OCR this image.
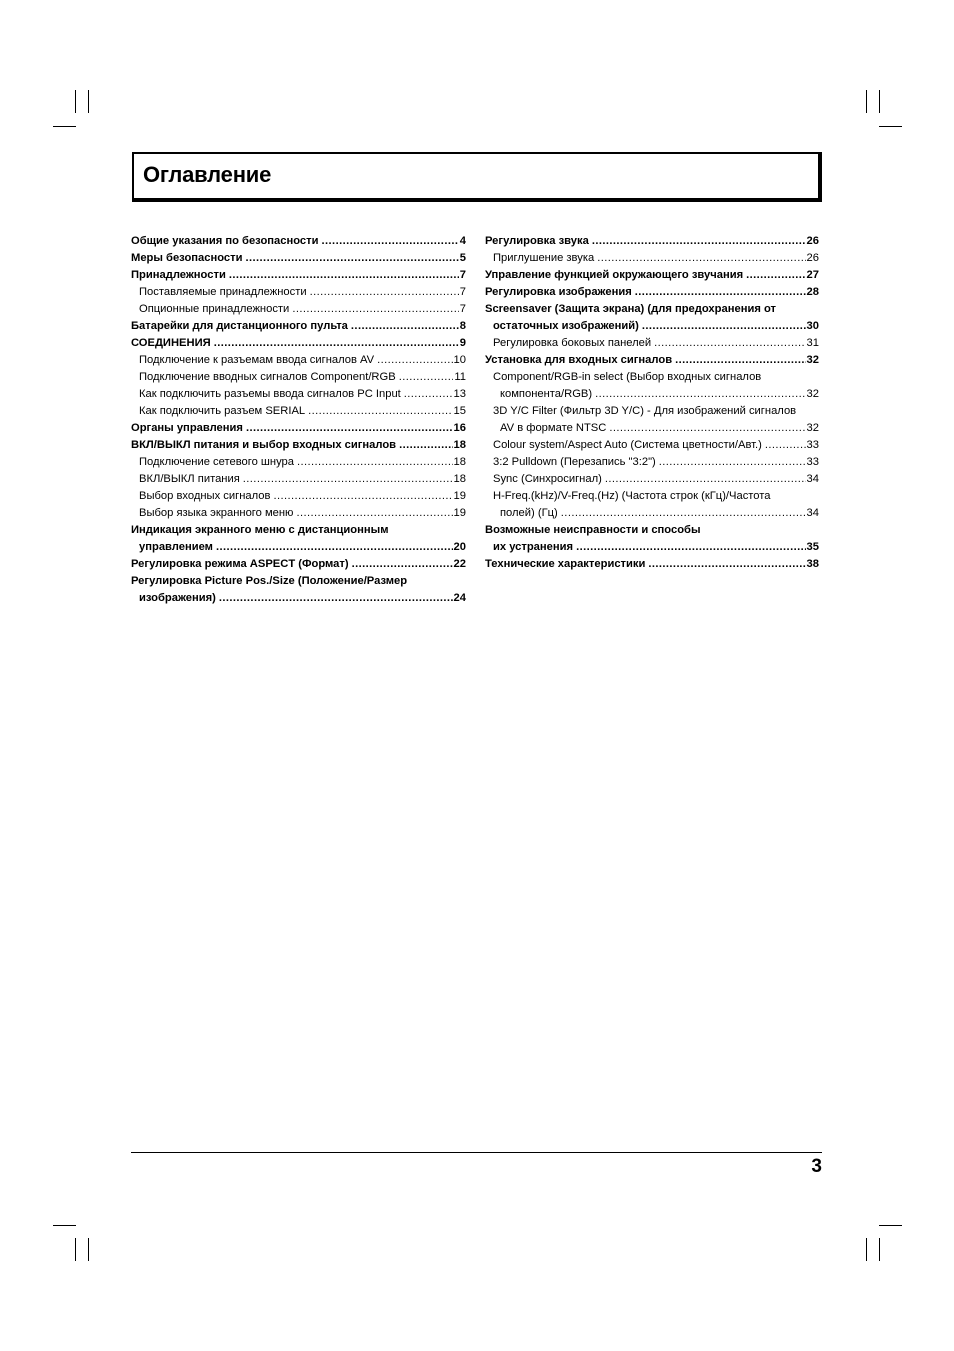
Оглавление
Общие указания по безопасности .....	4
Меры безопасности .....	5
Принадлежности .....	7
Поставляемые принадлежности .....	7
Опционные принадлежности .....	7
Батарейки для дистанционного пульта .....	8
СОЕДИНЕНИЯ .....	9
Подключение к разъемам ввода сигналов AV .....	10
Подключение вводных сигналов Component/RGB .....	11
Как подключить разъемы ввода сигналов PC Input .....	13
Как подключить разъем SERIAL .....	15
Органы управления .....	16
ВКЛ/ВЫКЛ питания и выбор входных сигналов .....	18
Подключение сетевого шнура .....	18
ВКЛ/ВЫКЛ питания .....	18
Выбор входных сигналов .....	19
Выбор языка экранного меню .....	19
Индикация экранного меню с дистанционным
управлением .....	20
Регулировка режима ASPECT (Формат) .....	22
Регулировка Picture Pos./Size (Положение/Размер
изображения) .....	24
Регулировка звука .....	26
Приглушение звука .....	26
Управление функцией окружающего звучания .....	27
Регулировка изображения .....	28
Screensaver (Защита экрана) (для предохранения от
остаточных изображений) .....	30
Регулировка боковых панелей .....	31
Установка для входных сигналов .....	32
Component/RGB-in select (Выбор входных сигналов
компонента/RGB) .....	32
3D Y/C Filter (Фильтр 3D Y/C) - Для изображений сигналов
AV в формате NTSC .....	32
Colour system/Aspect Auto (Система цветности/Авт.) .....	33
3:2 Pulldown (Перезапись "3:2") .....	33
Sync (Синхросигнал) .....	34
H-Freq.(kHz)/V-Freq.(Hz) (Частота строк (кГц)/Частота
полей) (Гц) .....	34
Возможные неисправности и способы
их устранения .....	35
Технические характеристики .....	38
3
